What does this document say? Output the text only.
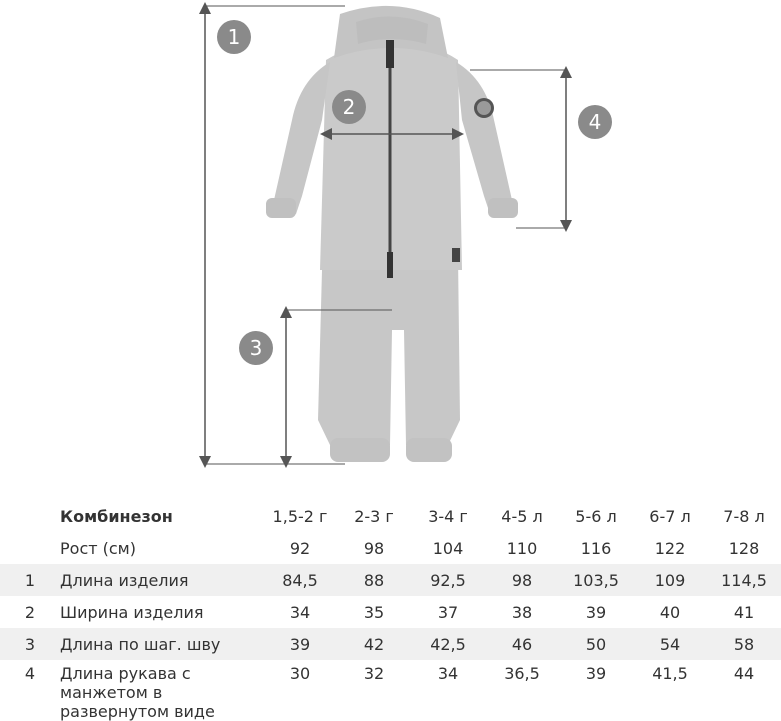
1
2
3
4
Комбинезон		1,5-2 г	2-3 г	3-4 г	4-5 л	5-6 л	6-7 л	7-8 л
	Рост (см)	92	98	104	110	116	122	128
1	Длина изделия	84,5	88	92,5	98	103,5	109	114,5
2	Ширина изделия	34	35	37	38	39	40	41
3	Длина по шаг. шву	39	42	42,5	46	50	54	58
4	Длина рукава с манжетом в развернутом виде	30	32	34	36,5	39	41,5	44
